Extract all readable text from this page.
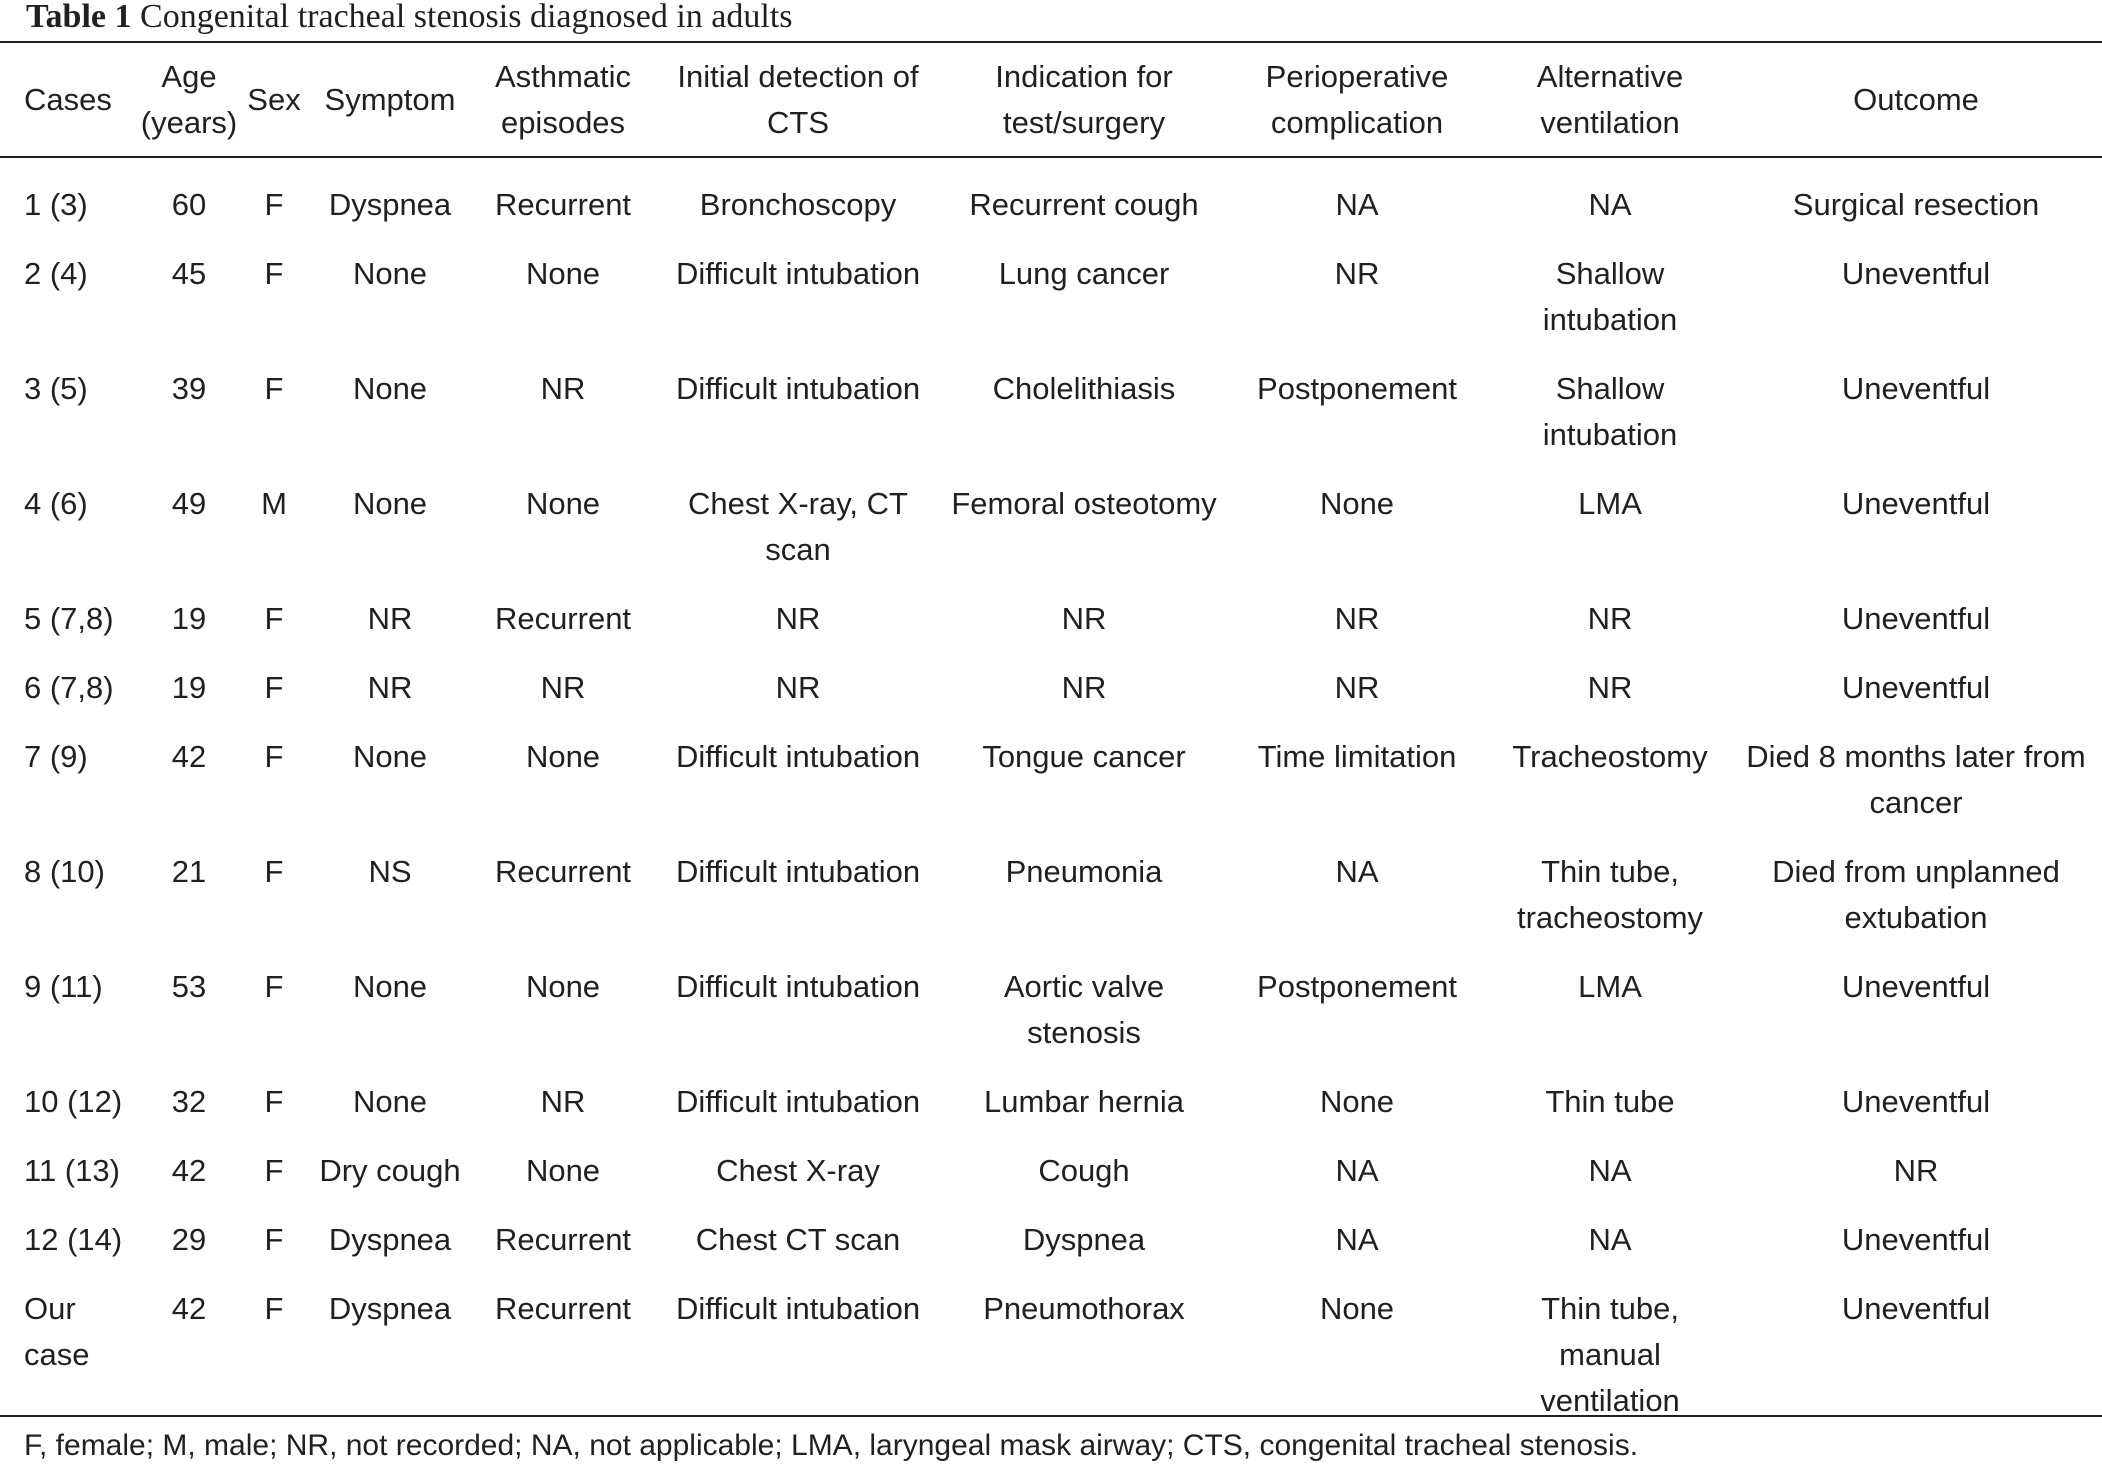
Table 1 Congenital tracheal stenosis diagnosed in adults
Cases	Age (years)	Sex	Symptom	Asthmatic episodes	Initial detection of CTS	Indication for test/surgery	Perioperative complication	Alternative ventilation	Outcome
1 (3)	60	F	Dyspnea	Recurrent	Bronchoscopy	Recurrent cough	NA	NA	Surgical resection
2 (4)	45	F	None	None	Difficult intubation	Lung cancer	NR	Shallow intubation	Uneventful
3 (5)	39	F	None	NR	Difficult intubation	Cholelithiasis	Postponement	Shallow intubation	Uneventful
4 (6)	49	M	None	None	Chest X-ray, CT scan	Femoral osteotomy	None	LMA	Uneventful
5 (7,8)	19	F	NR	Recurrent	NR	NR	NR	NR	Uneventful
6 (7,8)	19	F	NR	NR	NR	NR	NR	NR	Uneventful
7 (9)	42	F	None	None	Difficult intubation	Tongue cancer	Time limitation	Tracheostomy	Died 8 months later from cancer
8 (10)	21	F	NS	Recurrent	Difficult intubation	Pneumonia	NA	Thin tube, tracheostomy	Died from unplanned extubation
9 (11)	53	F	None	None	Difficult intubation	Aortic valve stenosis	Postponement	LMA	Uneventful
10 (12)	32	F	None	NR	Difficult intubation	Lumbar hernia	None	Thin tube	Uneventful
11 (13)	42	F	Dry cough	None	Chest X-ray	Cough	NA	NA	NR
12 (14)	29	F	Dyspnea	Recurrent	Chest CT scan	Dyspnea	NA	NA	Uneventful
Our case	42	F	Dyspnea	Recurrent	Difficult intubation	Pneumothorax	None	Thin tube, manual ventilation	Uneventful
F, female; M, male; NR, not recorded; NA, not applicable; LMA, laryngeal mask airway; CTS, congenital tracheal stenosis.
